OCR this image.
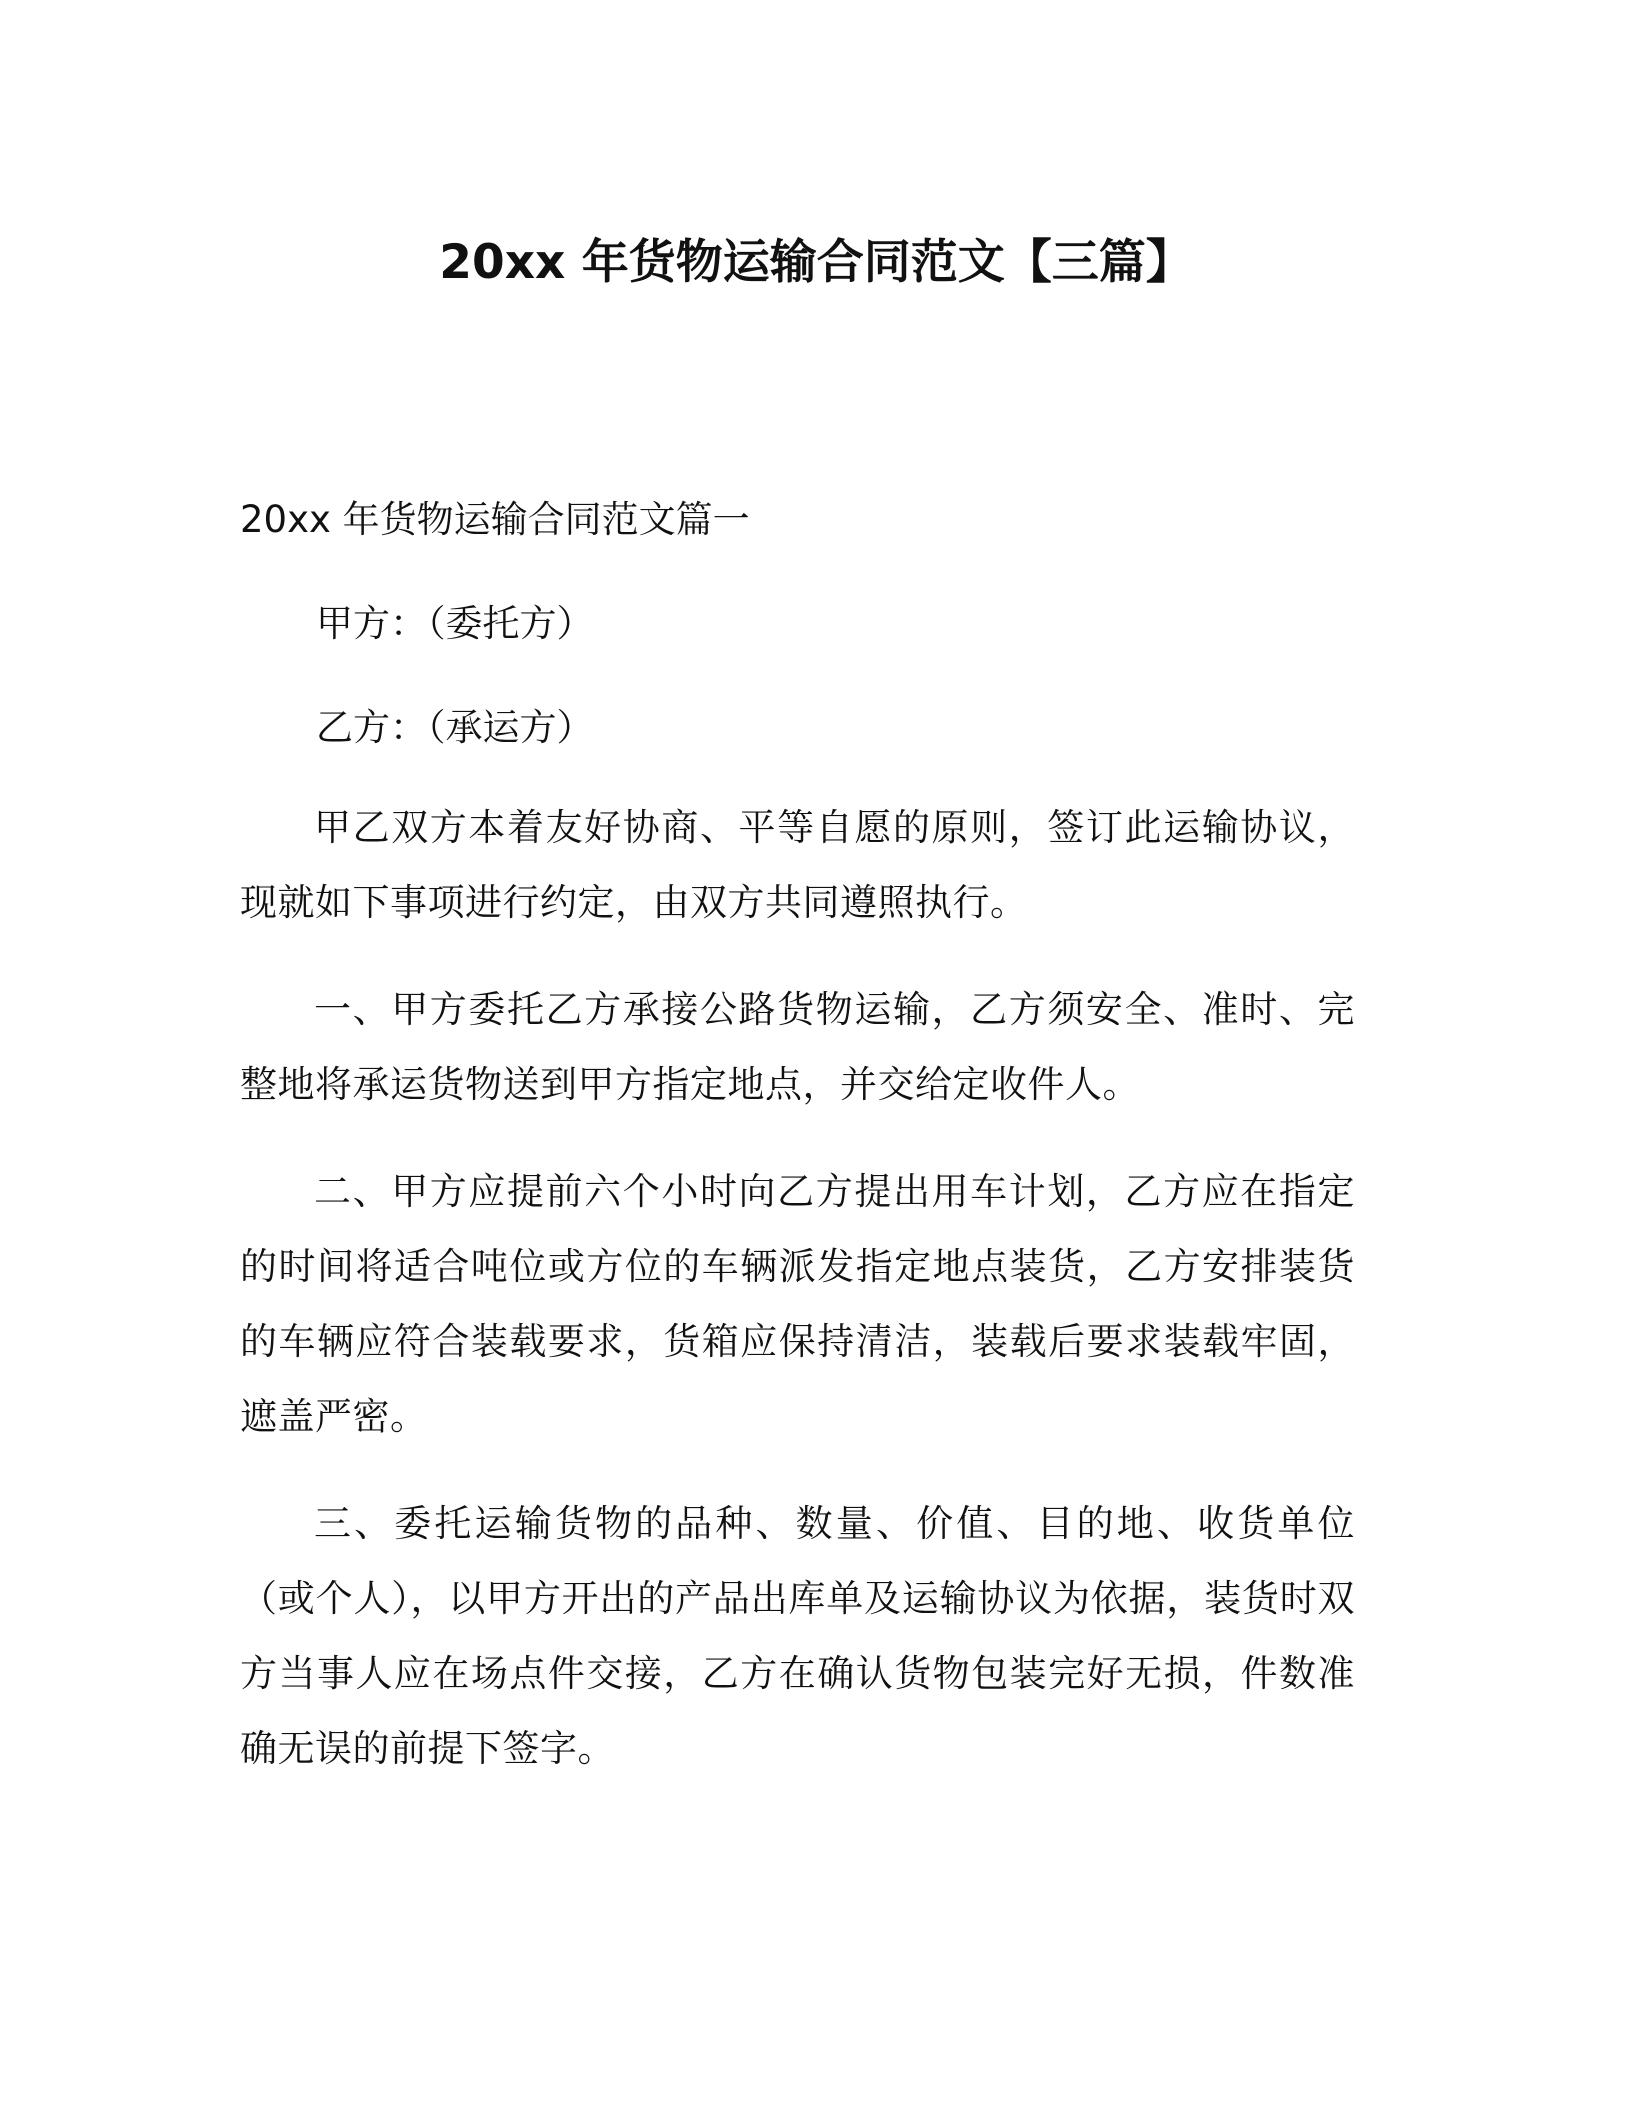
20xx 年货物运输合同范文【三篇】
20xx 年货物运输合同范文篇一
甲方：（委托方）
乙方：（承运方）

甲乙双方本着友好协商、平等自愿的原则，签订此运输协议，现就如下事项进行约定，由双方共同遵照执行。

一、甲方委托乙方承接公路货物运输，乙方须安全、准时、完整地将承运货物送到甲方指定地点，并交给定收件人。

二、甲方应提前六个小时向乙方提出用车计划，乙方应在指定的时间将适合吨位或方位的车辆派发指定地点装货，乙方安排装货的车辆应符合装载要求，货箱应保持清洁，装载后要求装载牢固，遮盖严密。

三、委托运输货物的品种、数量、价值、目的地、收货单位（或个人），以甲方开出的产品出库单及运输协议为依据，装货时双方当事人应在场点件交接，乙方在确认货物包装完好无损，件数准确无误的前提下签字。
